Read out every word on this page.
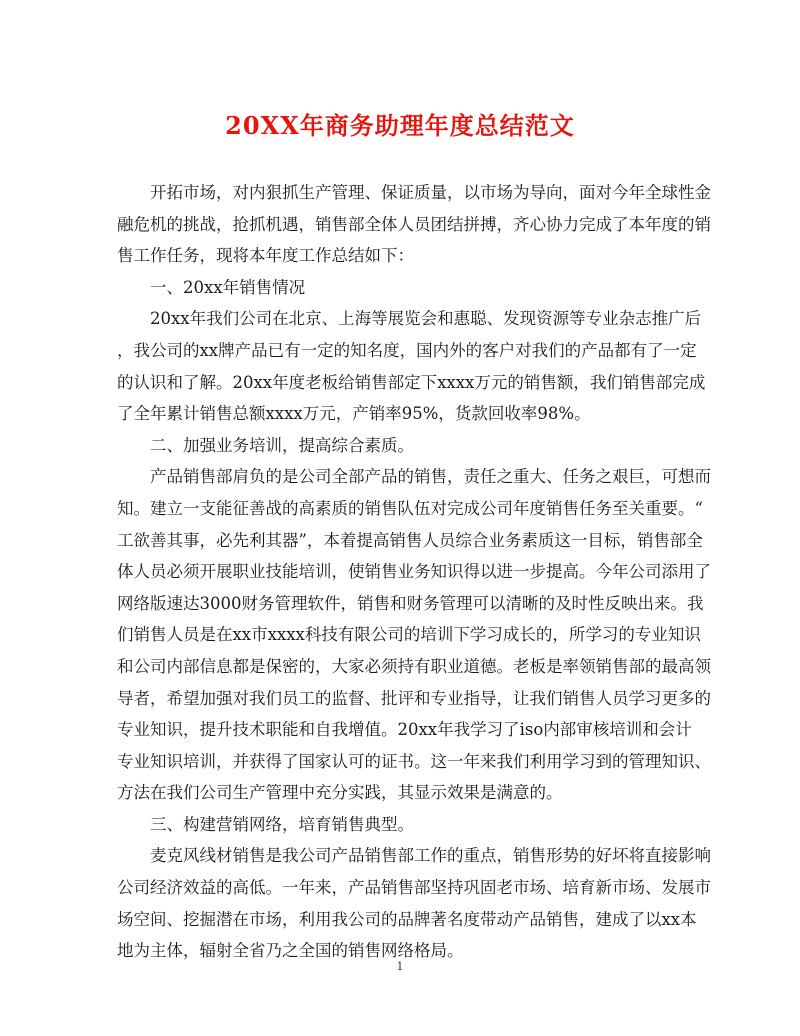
20XX年商务助理年度总结范文
开拓市场，对内狠抓生产管理、保证质量，以市场为导向，面对今年全球性金
融危机的挑战，抢抓机遇，销售部全体人员团结拼搏，齐心协力完成了本年度的销
售工作任务，现将本年度工作总结如下：
一、20xx年销售情况
20xx年我们公司在北京、上海等展览会和惠聪、发现资源等专业杂志推广后
，我公司的xx牌产品已有一定的知名度，国内外的客户对我们的产品都有了一定
的认识和了解。20xx年度老板给销售部定下xxxx万元的销售额，我们销售部完成
了全年累计销售总额xxxx万元，产销率95%，货款回收率98%。
二、加强业务培训，提高综合素质。
产品销售部肩负的是公司全部产品的销售，责任之重大、任务之艰巨，可想而
知。建立一支能征善战的高素质的销售队伍对完成公司年度销售任务至关重要。“
工欲善其事，必先利其器”，本着提高销售人员综合业务素质这一目标，销售部全
体人员必须开展职业技能培训，使销售业务知识得以进一步提高。今年公司添用了
网络版速达3000财务管理软件，销售和财务管理可以清晰的及时性反映出来。我
们销售人员是在xx市xxxx科技有限公司的培训下学习成长的，所学习的专业知识
和公司内部信息都是保密的，大家必须持有职业道德。老板是率领销售部的最高领
导者，希望加强对我们员工的监督、批评和专业指导，让我们销售人员学习更多的
专业知识，提升技术职能和自我增值。20xx年我学习了iso内部审核培训和会计
专业知识培训，并获得了国家认可的证书。这一年来我们利用学习到的管理知识、
方法在我们公司生产管理中充分实践，其显示效果是满意的。
三、构建营销网络，培育销售典型。
麦克风线材销售是我公司产品销售部工作的重点，销售形势的好坏将直接影响
公司经济效益的高低。一年来，产品销售部坚持巩固老市场、培育新市场、发展市
场空间、挖掘潜在市场，利用我公司的品牌著名度带动产品销售，建成了以xx本
地为主体，辐射全省乃之全国的销售网络格局。
1
